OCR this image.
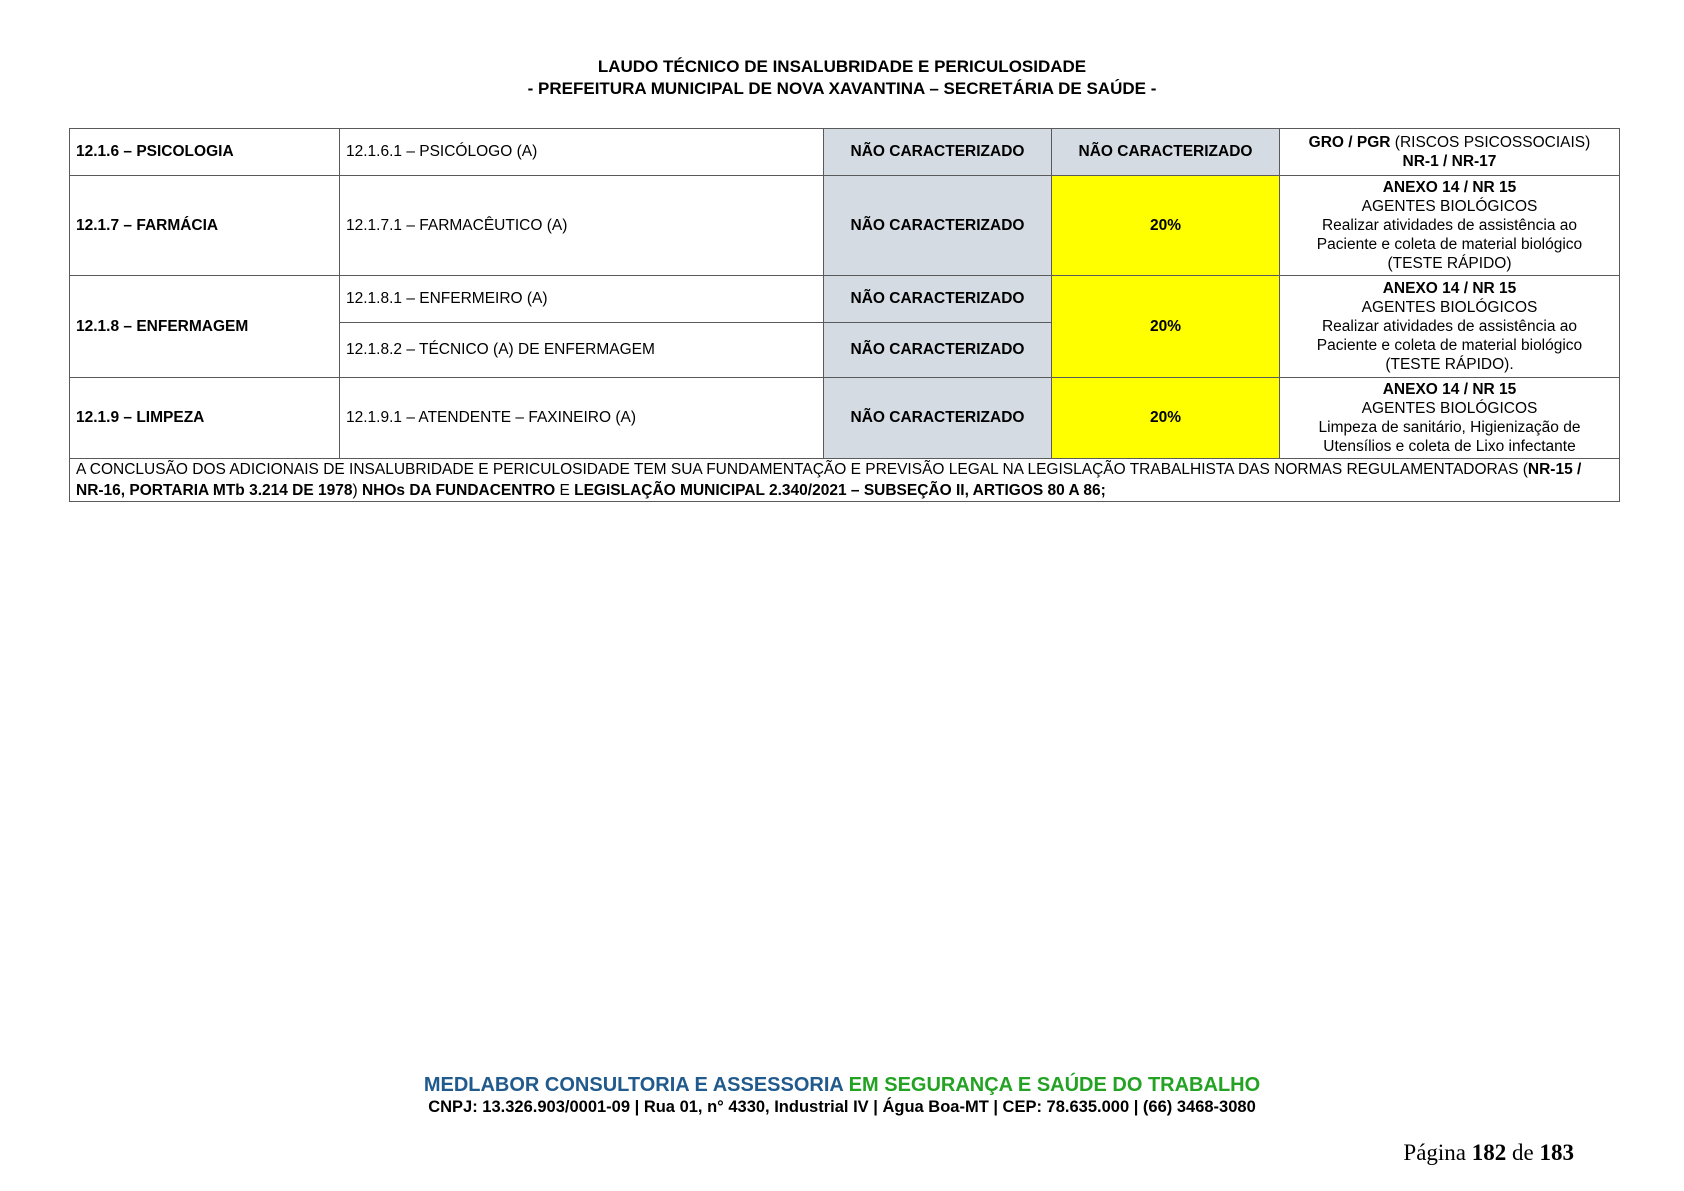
LAUDO TÉCNICO DE INSALUBRIDADE E PERICULOSIDADE
- PREFEITURA MUNICIPAL DE NOVA XAVANTINA – SECRETÁRIA DE SAÚDE -
12.1.6 – PSICOLOGIA	12.1.6.1 – PSICÓLOGO (A)	NÃO CARACTERIZADO	NÃO CARACTERIZADO	GRO / PGR (RISCOS PSICOSSOCIAIS)
NR-1 / NR-17

12.1.7 – FARMÁCIA	12.1.7.1 – FARMACÊUTICO (A)	NÃO CARACTERIZADO	20%	ANEXO 14 / NR 15
AGENTES BIOLÓGICOS
Realizar atividades de assistência ao
Paciente e coleta de material biológico
(TESTE RÁPIDO)

12.1.8 – ENFERMAGEM	12.1.8.1 – ENFERMEIRO (A)	NÃO CARACTERIZADO	20%	ANEXO 14 / NR 15
AGENTES BIOLÓGICOS
Realizar atividades de assistência ao
Paciente e coleta de material biológico
(TESTE RÁPIDO).

	12.1.8.2 – TÉCNICO (A) DE ENFERMAGEM	NÃO CARACTERIZADO		
12.1.9 – LIMPEZA	12.1.9.1 – ATENDENTE – FAXINEIRO (A)	NÃO CARACTERIZADO	20%	ANEXO 14 / NR 15
AGENTES BIOLÓGICOS
Limpeza de sanitário, Higienização de
Utensílios e coleta de Lixo infectante

A CONCLUSÃO DOS ADICIONAIS DE INSALUBRIDADE E PERICULOSIDADE TEM SUA FUNDAMENTAÇÃO E PREVISÃO LEGAL NA LEGISLAÇÃO TRABALHISTA DAS NORMAS REGULAMENTADORAS (NR-15 / NR-16, PORTARIA MTb 3.214 DE 1978) NHOs DA FUNDACENTRO E LEGISLAÇÃO MUNICIPAL 2.340/2021 – SUBSEÇÃO II, ARTIGOS 80 A 86;				
MEDLABOR CONSULTORIA E ASSESSORIA EM SEGURANÇA E SAÚDE DO TRABALHO
CNPJ: 13.326.903/0001-09 | Rua 01, n° 4330, Industrial IV | Água Boa-MT | CEP: 78.635.000 | (66) 3468-3080
Página 182 de 183
